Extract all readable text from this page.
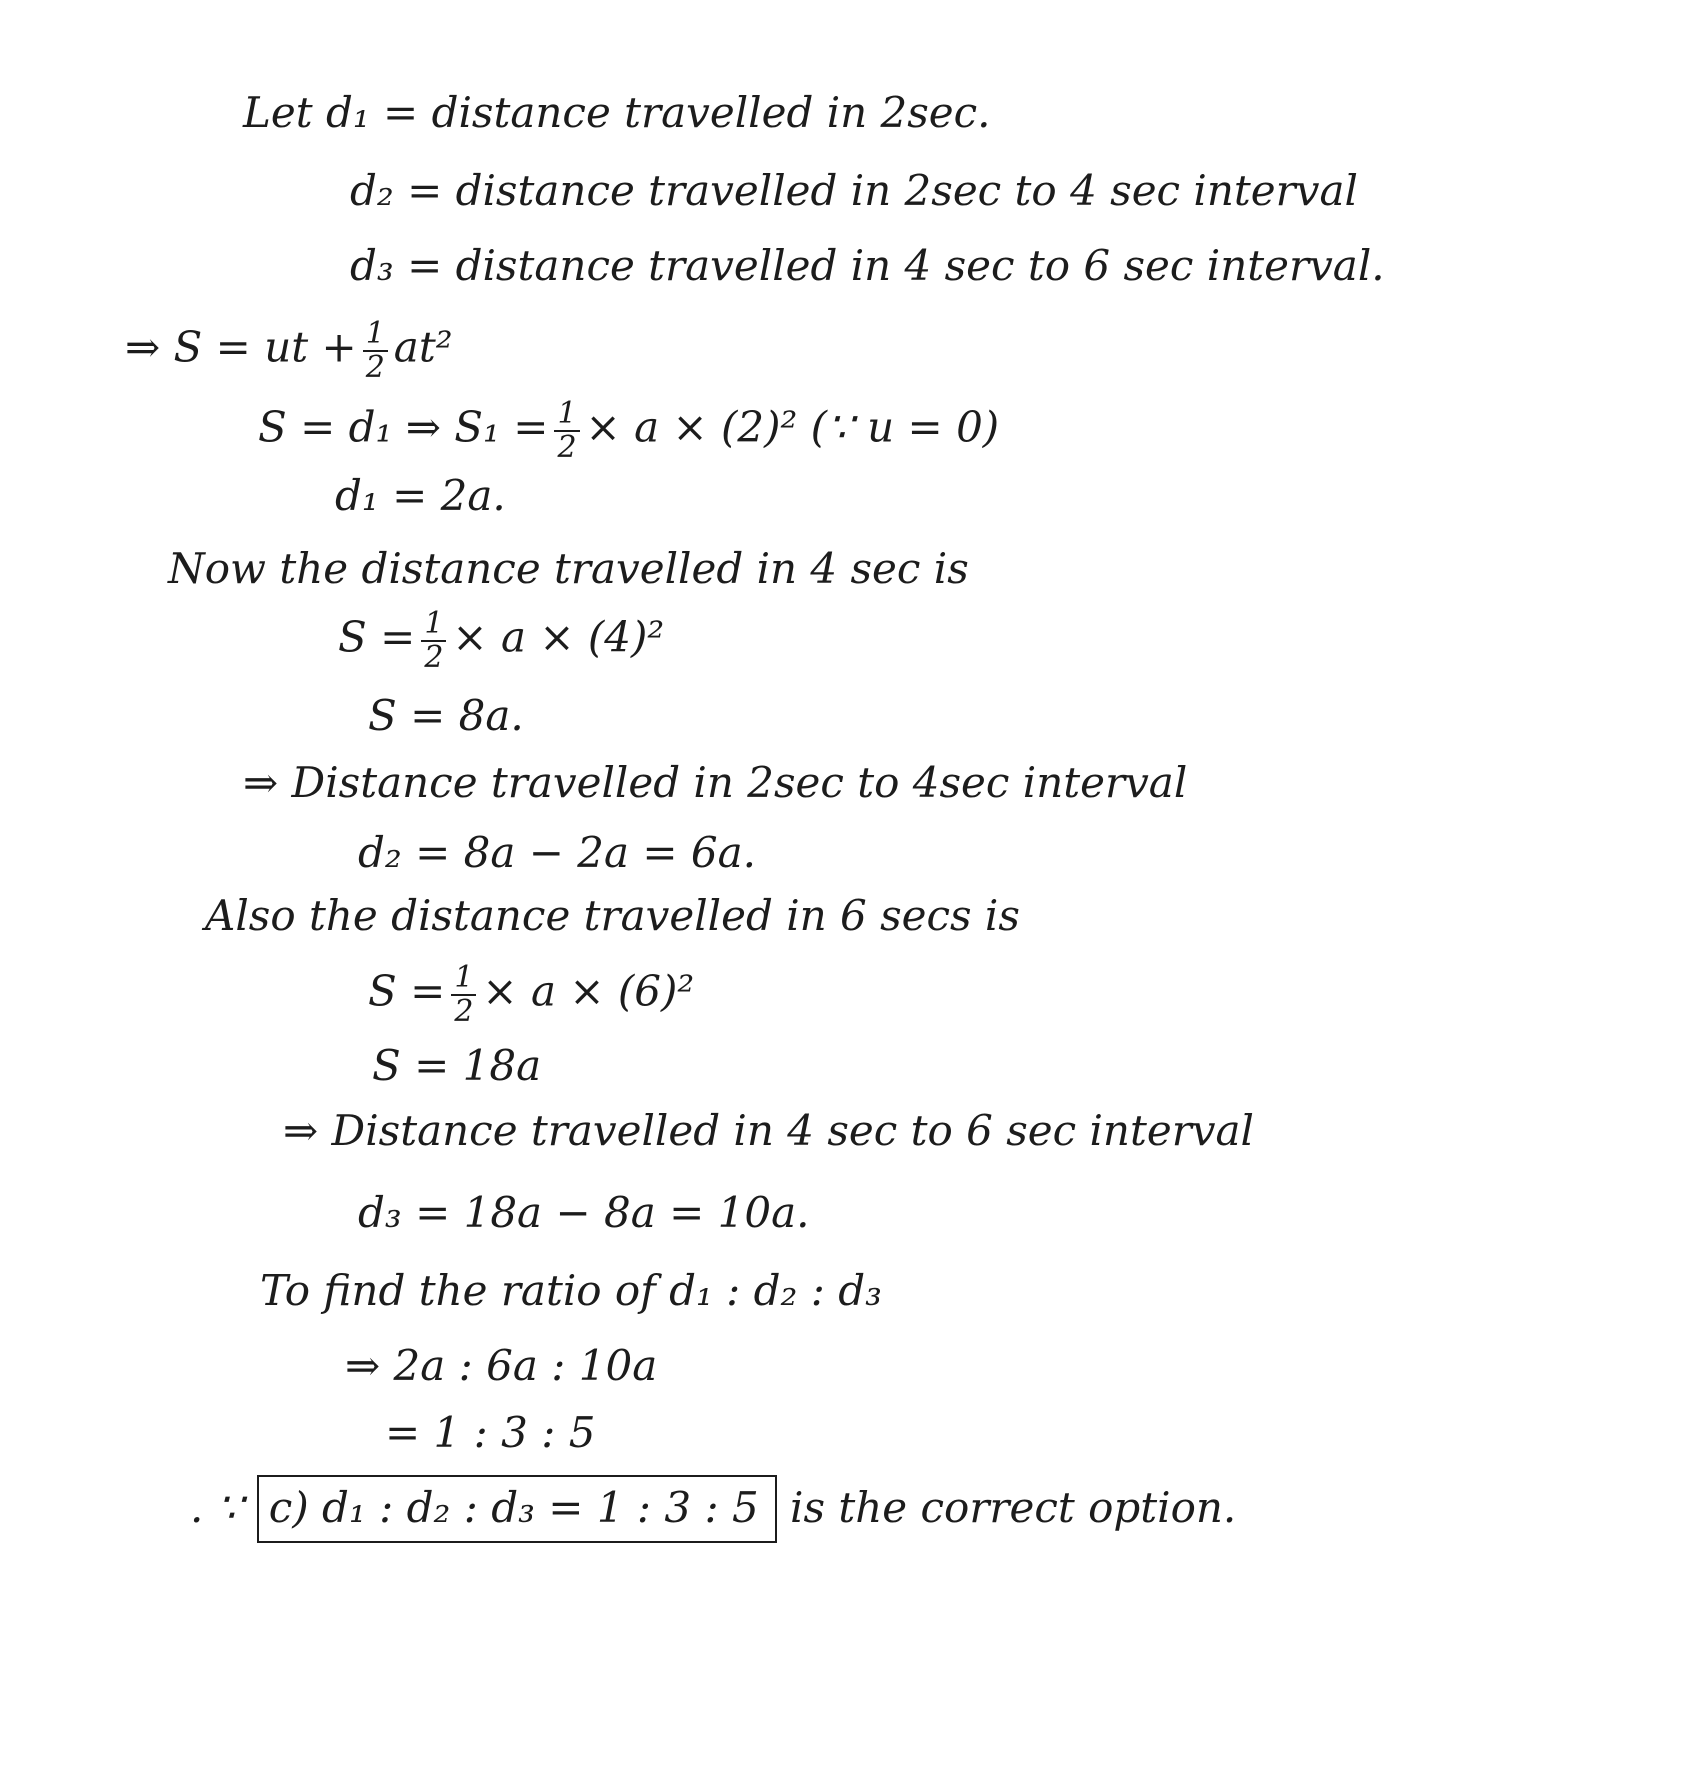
Let d₁ = distance travelled in 2sec.
d₂ = distance travelled in 2sec to 4 sec interval
d₃ = distance travelled in 4 sec to 6 sec interval.
⇒ S = ut + $\frac{1}{2} at^2$
S = d₁ ⇒ $S_1 = \frac{1}{2} \times a \times (2)^2$ (∵ u = 0)
d₁ = 2a.
Now the distance travelled in 4 sec is
$S = \frac{1}{2} \times a \times (4)^2$
S = 8a.
⇒ Distance travelled in 2sec to 4sec interval
d₂ = 8a − 2a = 6a.
Also the distance travelled in 6 secs is
$S = \frac{1}{2} \times a \times (6)^2$
S = 18a
⇒ Distance travelled in 4 sec to 6 sec interval
d₃ = 18a − 8a = 10a.
To find the ratio of d₁ : d₂ : d₃
⇒ 2a : 6a : 10a
= 1 : 3 : 5
. ∵ c) d₁ : d₂ : d₃ = 1 : 3 : 5 is the correct option.
